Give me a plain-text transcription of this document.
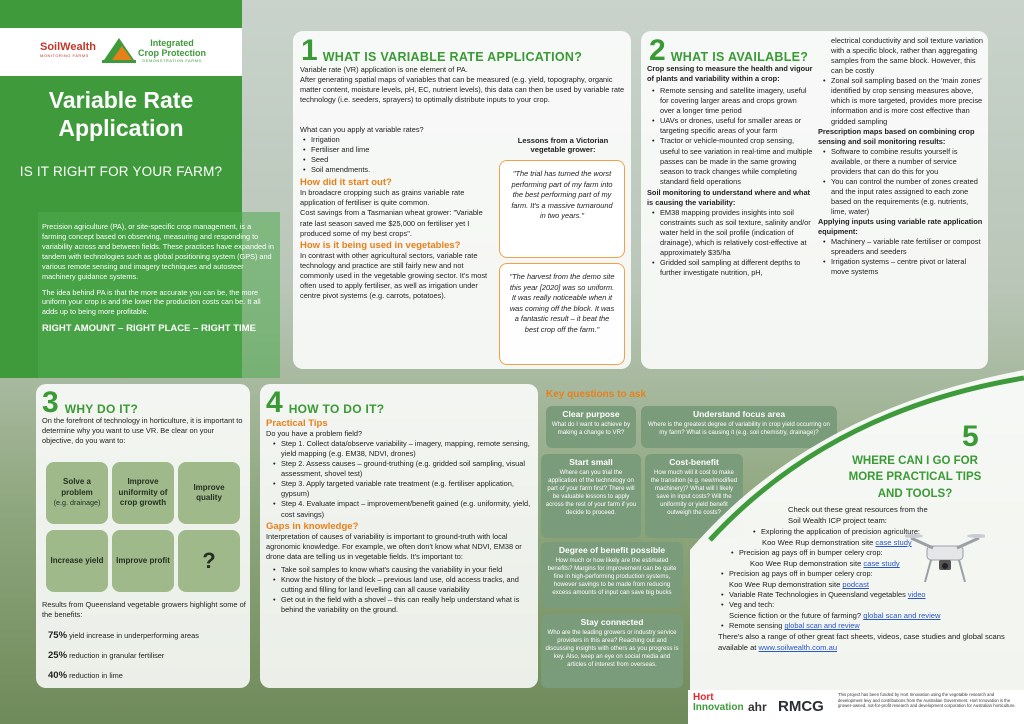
SoilWealth
MONITORING FARMS
Integrated
Crop Protection
DEMONSTRATION FARMS
Variable Rate Application
IS IT RIGHT FOR YOUR FARM?

Precision agriculture (PA), or site-specific crop management, is a farming concept based on observing, measuring and responding to variability across and between fields. These practices have expanded in tandem with technologies such as global positioning system (GPS) and various remote sensing and imagery techniques and autosteer machinery guidance systems.

The idea behind PA is that the more accurate you can be, the more uniform your crop is and the lower the production costs can be. It all adds up to being more profitable.

RIGHT AMOUNT – RIGHT PLACE – RIGHT TIME
1 WHAT IS VARIABLE RATE APPLICATION?

Variable rate (VR) application is one element of PA.

After generating spatial maps of variables that can be measured (e.g. yield, topography, organic matter content, moisture levels, pH, EC, nutrient levels), this data can then be used by variable rate technology (i.e. seeders, sprayers) to optimally distribute inputs to your crop.

What can you apply at variable rates?

• Irrigation
• Fertiliser and lime
• Seed
• Soil amendments.
How did it start out?

In broadacre cropping such as grains variable rate application of fertiliser is quite common.

Cost savings from a Tasmanian wheat grower: "Variable rate last season saved me $25,000 on fertiliser yet I produced some of my best crops".

How is it being used in vegetables?

In contrast with other agricultural sectors, variable rate technology and practice are still fairly new and not commonly used in the vegetable growing sector. It's most often used to apply fertiliser, as well as irrigation under centre pivot systems (e.g. carrots, potatoes).

Lessons from a Victorian vegetable grower:

"The trial has turned the worst performing part of my farm into the best performing part of my farm. It's a massive turnaround in two years."

"The harvest from the demo site this year [2020] was so uniform. It was really noticeable when it was coming off the block. It was a fantastic result – it beat the best crop off the farm."

2 WHAT IS AVAILABLE?

Crop sensing to measure the health and vigour of plants and variability within a crop:

• Remote sensing and satellite imagery, useful for covering larger areas and crops grown over a longer time period
• UAVs or drones, useful for smaller areas or targeting specific areas of your farm
• Tractor or vehicle-mounted crop sensing, useful to see variation in real-time and multiple passes can be made in the same growing season to track changes while completing standard field operations

Soil monitoring to understand where and what is causing the variability:

• EM38 mapping provides insights into soil constraints such as soil texture, salinity and/or water held in the soil profile (indication of drainage), which is relatively cost-effective at approximately $35/ha
• Gridded soil sampling at different depths to further investigate nutrition, pH,

electrical conductivity and soil texture variation with a specific block, rather than aggregating samples from the same block. However, this can be costly

• Zonal soil sampling based on the 'main zones' identified by crop sensing measures above, which is more targeted, provides more precise information and is more cost effective than gridded sampling

Prescription maps based on combining crop sensing and soil monitoring results:

• Software to combine results yourself is available, or there a number of service providers that can do this for you
• You can control the number of zones created and the input rates assigned to each zone based on the requirements (e.g. nutrients, lime, water)

Applying inputs using variable rate application equipment:

• Machinery – variable rate fertiliser or compost spreaders and seeders
• Irrigation systems – centre pivot or lateral move systems
3 WHY DO IT?

On the forefront of technology in horticulture, it is important to determine why you want to use VR. Be clear on your objective, do you want to:

Solve a problem
(e.g. drainage)
Improve uniformity of crop growth
Improve quality
Increase yield Improve profit ?

Results from Queensland vegetable growers highlight some of the benefits:

75% yield increase in underperforming areas
25% reduction in granular fertiliser
40% reduction in lime
4 HOW TO DO IT?
Practical Tips

Do you have a problem field?

• Step 1. Collect data/observe variability – imagery, mapping, remote sensing, yield mapping (e.g. EM38, NDVI, drones)
• Step 2. Assess causes – ground-truthing (e.g. gridded soil sampling, visual assessment, shovel test)
• Step 3. Apply targeted variable rate treatment (e.g. fertiliser application, gypsum)
• Step 4. Evaluate impact – improvement/benefit gained (e.g. uniformity, yield, cost savings)
Gaps in knowledge?

Interpretation of causes of variability is important to ground-truth with local agronomic knowledge. For example, we often don't know what NDVI, EM38 or drone data are telling us in vegetable fields. It's important to:

• Take soil samples to know what's causing the variability in your field
• Know the history of the block – previous land use, old access tracks, and cutting and filling for land levelling can all cause variability
• Get out in the field with a shovel – this can really help understand what is behind the variability on the ground.
Key questions to ask
Clear purpose
What do I want to achieve by making a change to VR?
Understand focus area
Where is the greatest degree of variability in crop yield occurring on my farm? What is causing it (e.g. soil chemistry, drainage)?
Start small
Where can you trial the application of the technology on part of your farm first? There will be valuable lessons to apply across the rest of your farm if you decide to proceed.
Cost-benefit
How much will it cost to make the transition (e.g. new/modified machinery)? What will I likely save in input costs? Will the uniformity or yield benefit outweigh the costs?
Degree of benefit possible
How much or how likely are the estimated benefits? Margins for improvement can be quite fine in high-performing production systems, however savings to be made from reducing excess amounts of input can save big bucks
Stay connected
Who are the leading growers or industry service providers in this area? Reaching out and discussing insights with others as you progress is key. Also, keep an eye on social media and articles of interest from overseas.
5
WHERE CAN I GO FOR MORE PRACTICAL TIPS AND TOOLS?
Check out these great resources from the Soil Wealth ICP project team:
• Exploring the application of precision agriculture:
Koo Wee Rup demonstration site case study
• Precision ag pays off in bumper celery crop:
Koo Wee Rup demonstration site case study
• Precision ag pays off in bumper celery crop:
Koo Wee Rup demonstration site podcast
• Variable Rate Technologies in Queensland vegetables video
• Veg and tech:
Science fiction or the future of farming? global scan and review
• Remote sensing global scan and review
There's also a range of other great fact sheets, videos, case studies and global scans available at www.soilwealth.com.au
Hort
Innovation ahr RMCG
This project has been funded by Hort Innovation using the vegetable research and development levy and contributions from the Australian Government. Hort Innovation is the grower-owned, not-for-profit research and development corporation for Australian horticulture.
